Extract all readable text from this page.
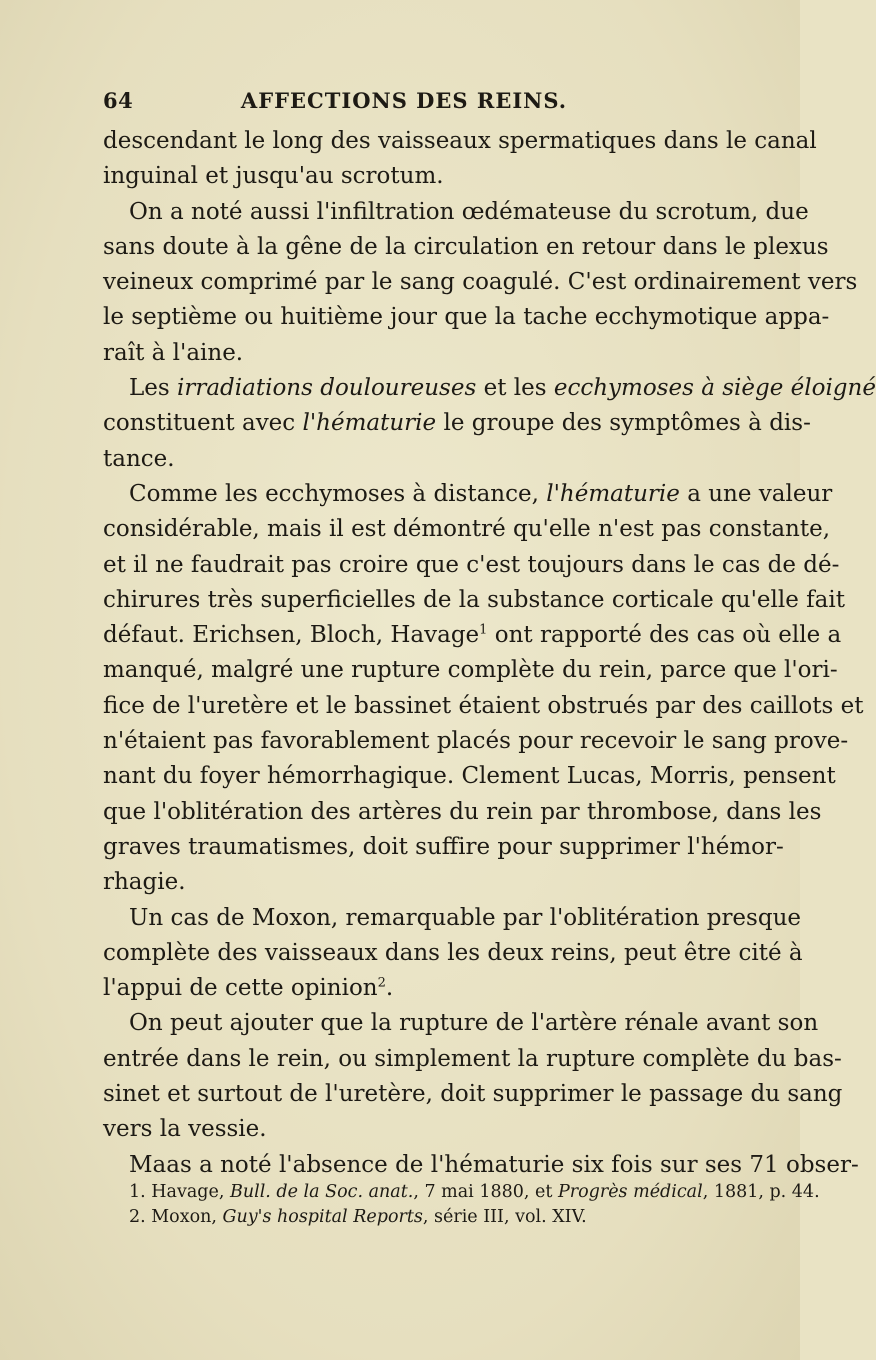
64	AFFECTIONS DES REINS.
descendant le long des vaisseaux spermatiques dans le canal
inguinal et jusqu'au scrotum.
On a noté aussi l'infiltration œdémateuse du scrotum, due
sans doute à la gêne de la circulation en retour dans le plexus
veineux comprimé par le sang coagulé. C'est ordinairement vers
le septième ou huitième jour que la tache ecchymotique appa-
raît à l'aine.
Les irradiations douloureuses et les ecchymoses à siège éloigné
constituent avec l'hématurie le groupe des symptômes à dis-
tance.
Comme les ecchymoses à distance, l'hématurie a une valeur
considérable, mais il est démontré qu'elle n'est pas constante,
et il ne faudrait pas croire que c'est toujours dans le cas de dé-
chirures très superficielles de la substance corticale qu'elle fait
défaut. Erichsen, Bloch, Havage$^1$ ont rapporté des cas où elle a
manqué, malgré une rupture complète du rein, parce que l'ori-
fice de l'uretère et le bassinet étaient obstrués par des caillots et
n'étaient pas favorablement placés pour recevoir le sang prove-
nant du foyer hémorrhagique. Clement Lucas, Morris, pensent
que l'oblitération des artères du rein par thrombose, dans les
graves traumatismes, doit suffire pour supprimer l'hémor-
rhagie.
Un cas de Moxon, remarquable par l'oblitération presque
complète des vaisseaux dans les deux reins, peut être cité à
l'appui de cette opinion$^2$.
On peut ajouter que la rupture de l'artère rénale avant son
entrée dans le rein, ou simplement la rupture complète du bas-
sinet et surtout de l'uretère, doit supprimer le passage du sang
vers la vessie.
Maas a noté l'absence de l'hématurie six fois sur ses 71 obser-
1. Havage, Bull. de la Soc. anat., 7 mai 1880, et Progrès médical, 1881, p. 44.
2. Moxon, Guy's hospital Reports, série III, vol. XIV.
